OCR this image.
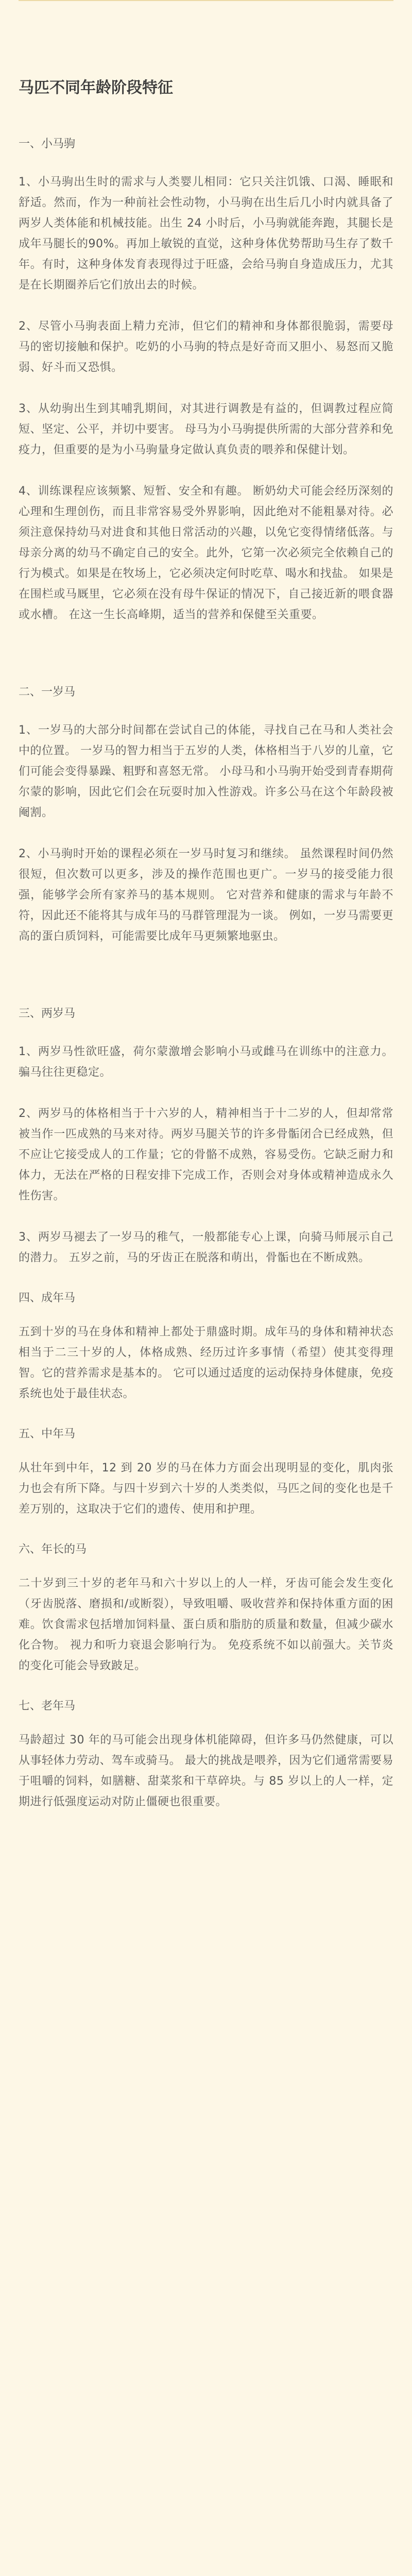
马匹不同年龄阶段特征
一、小马驹

1、小马驹出生时的需求与人类婴儿相同：它只关注饥饿、口渴、睡眠和舒适。然而，作为一种前社会性动物，小马驹在出生后几小时内就具备了两岁人类体能和机械技能。出生 24 小时后，小马驹就能奔跑，其腿长是成年马腿长的90%。再加上敏锐的直觉，这种身体优势帮助马生存了数千年。有时，这种身体发育表现得过于旺盛，会给马驹自身造成压力，尤其是在长期圈养后它们放出去的时候。

2、尽管小马驹表面上精力充沛，但它们的精神和身体都很脆弱，需要母马的密切接触和保护。吃奶的小马驹的特点是好奇而又胆小、易怒而又脆弱、好斗而又恐惧。

3、从幼驹出生到其哺乳期间，对其进行调教是有益的，但调教过程应简短、坚定、公平，并切中要害。 母马为小马驹提供所需的大部分营养和免疫力，但重要的是为小马驹量身定做认真负责的喂养和保健计划。

4、训练课程应该频繁、短暂、安全和有趣。 断奶幼犬可能会经历深刻的心理和生理创伤，而且非常容易受外界影响，因此绝对不能粗暴对待。必须注意保持幼马对进食和其他日常活动的兴趣，以免它变得情绪低落。与母亲分离的幼马不确定自己的安全。此外，它第一次必须完全依赖自己的行为模式。如果是在牧场上，它必须决定何时吃草、喝水和找盐。 如果是在围栏或马厩里，它必须在没有母牛保证的情况下，自己接近新的喂食器或水槽。 在这一生长高峰期，适当的营养和保健至关重要。

二、一岁马

1、一岁马的大部分时间都在尝试自己的体能，寻找自己在马和人类社会中的位置。 一岁马的智力相当于五岁的人类，体格相当于八岁的儿童，它们可能会变得暴躁、粗野和喜怒无常。 小母马和小马驹开始受到青春期荷尔蒙的影响，因此它们会在玩耍时加入性游戏。许多公马在这个年龄段被阉割。

2、小马驹时开始的课程必须在一岁马时复习和继续。 虽然课程时间仍然很短，但次数可以更多，涉及的操作范围也更广。一岁马的接受能力很强，能够学会所有家养马的基本规则。 它对营养和健康的需求与年龄不符，因此还不能将其与成年马的马群管理混为一谈。 例如，一岁马需要更高的蛋白质饲料，可能需要比成年马更频繁地驱虫。

三、两岁马

1、两岁马性欲旺盛，荷尔蒙激增会影响小马或雌马在训练中的注意力。 骗马往往更稳定。

2、两岁马的体格相当于十六岁的人，精神相当于十二岁的人，但却常常被当作一匹成熟的马来对待。两岁马腿关节的许多骨骺闭合已经成熟，但不应让它接受成人的工作量；它的骨骼不成熟，容易受伤。它缺乏耐力和体力，无法在严格的日程安排下完成工作，否则会对身体或精神造成永久性伤害。

3、两岁马褪去了一岁马的稚气，一般都能专心上课，向骑马师展示自己的潜力。 五岁之前，马的牙齿正在脱落和萌出，骨骺也在不断成熟。

四、成年马

五到十岁的马在身体和精神上都处于鼎盛时期。成年马的身体和精神状态相当于二三十岁的人，体格成熟、经历过许多事情（希望）使其变得理智。它的营养需求是基本的。 它可以通过适度的运动保持身体健康，免疫系统也处于最佳状态。

五、中年马

从壮年到中年，12 到 20 岁的马在体力方面会出现明显的变化，肌肉张力也会有所下降。与四十岁到六十岁的人类类似，马匹之间的变化也是千差万别的，这取决于它们的遗传、使用和护理。

六、年长的马

二十岁到三十岁的老年马和六十岁以上的人一样，牙齿可能会发生变化（牙齿脱落、磨损和/或断裂），导致咀嚼、吸收营养和保持体重方面的困难。饮食需求包括增加饲料量、蛋白质和脂肪的质量和数量，但减少碳水化合物。 视力和听力衰退会影响行为。 免疫系统不如以前强大。关节炎的变化可能会导致跛足。

七、老年马

马龄超过 30 年的马可能会出现身体机能障碍，但许多马仍然健康，可以从事轻体力劳动、驾车或骑马。 最大的挑战是喂养，因为它们通常需要易于咀嚼的饲料，如膳糖、甜菜浆和干草碎块。与 85 岁以上的人一样，定期进行低强度运动对防止僵硬也很重要。
